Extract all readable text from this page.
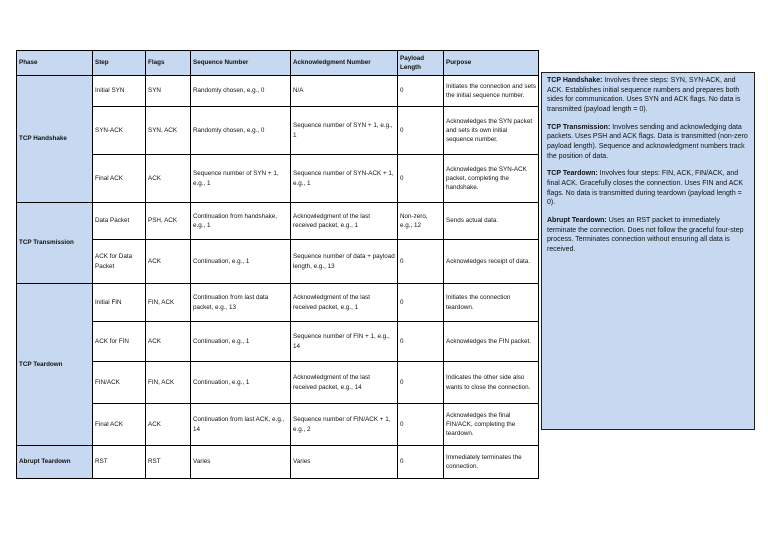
Phase	Step	Flags	Sequence Number	Acknowledgment Number	Payload Length	Purpose
TCP Handshake	Initial SYN	SYN	Randomly chosen, e.g., 0	N/A	0	Initiates the connection and sets the initial sequence number.
	SYN-ACK	SYN, ACK	Randomly chosen, e.g., 0	Sequence number of SYN + 1, e.g., 1	0	Acknowledges the SYN packet and sets its own initial sequence number.
	Final ACK	ACK	Sequence number of SYN + 1, e.g., 1	Sequence number of SYN-ACK + 1, e.g., 1	0	Acknowledges the SYN-ACK packet, completing the handshake.
TCP Transmission	Data Packet	PSH, ACK	Continuation from handshake, e.g., 1	Acknowledgment of the last received packet, e.g., 1	Non-zero, e.g., 12	Sends actual data.
	ACK for Data Packet	ACK	Continuation, e.g., 1	Sequence number of data + payload length, e.g., 13	0	Acknowledges receipt of data.
TCP Teardown	Initial FIN	FIN, ACK	Continuation from last data packet, e.g., 13	Acknowledgment of the last received packet, e.g., 1	0	Initiates the connection teardown.
	ACK for FIN	ACK	Continuation, e.g., 1	Sequence number of FIN + 1, e.g., 14	0	Acknowledges the FIN packet.
	FIN/ACK	FIN, ACK	Continuation, e.g., 1	Acknowledgment of the last received packet, e.g., 14	0	Indicates the other side also wants to close the connection.
	Final ACK	ACK	Continuation from last ACK, e.g., 14	Sequence number of FIN/ACK + 1, e.g., 2	0	Acknowledges the final FIN/ACK, completing the teardown.
Abrupt Teardown	RST	RST	Varies	Varies	0	Immediately terminates the connection.

TCP Handshake: Involves three steps: SYN, SYN-ACK, and ACK. Establishes initial sequence numbers and prepares both sides for communication. Uses SYN and ACK flags. No data is transmitted (payload length = 0).

TCP Transmission: Involves sending and acknowledging data packets. Uses PSH and ACK flags. Data is transmitted (non-zero payload length). Sequence and acknowledgment numbers track the position of data.

TCP Teardown: Involves four steps: FIN, ACK, FIN/ACK, and final ACK. Gracefully closes the connection. Uses FIN and ACK flags. No data is transmitted during teardown (payload length = 0).

Abrupt Teardown: Uses an RST packet to immediately terminate the connection. Does not follow the graceful four-step process. Terminates connection without ensuring all data is received.
